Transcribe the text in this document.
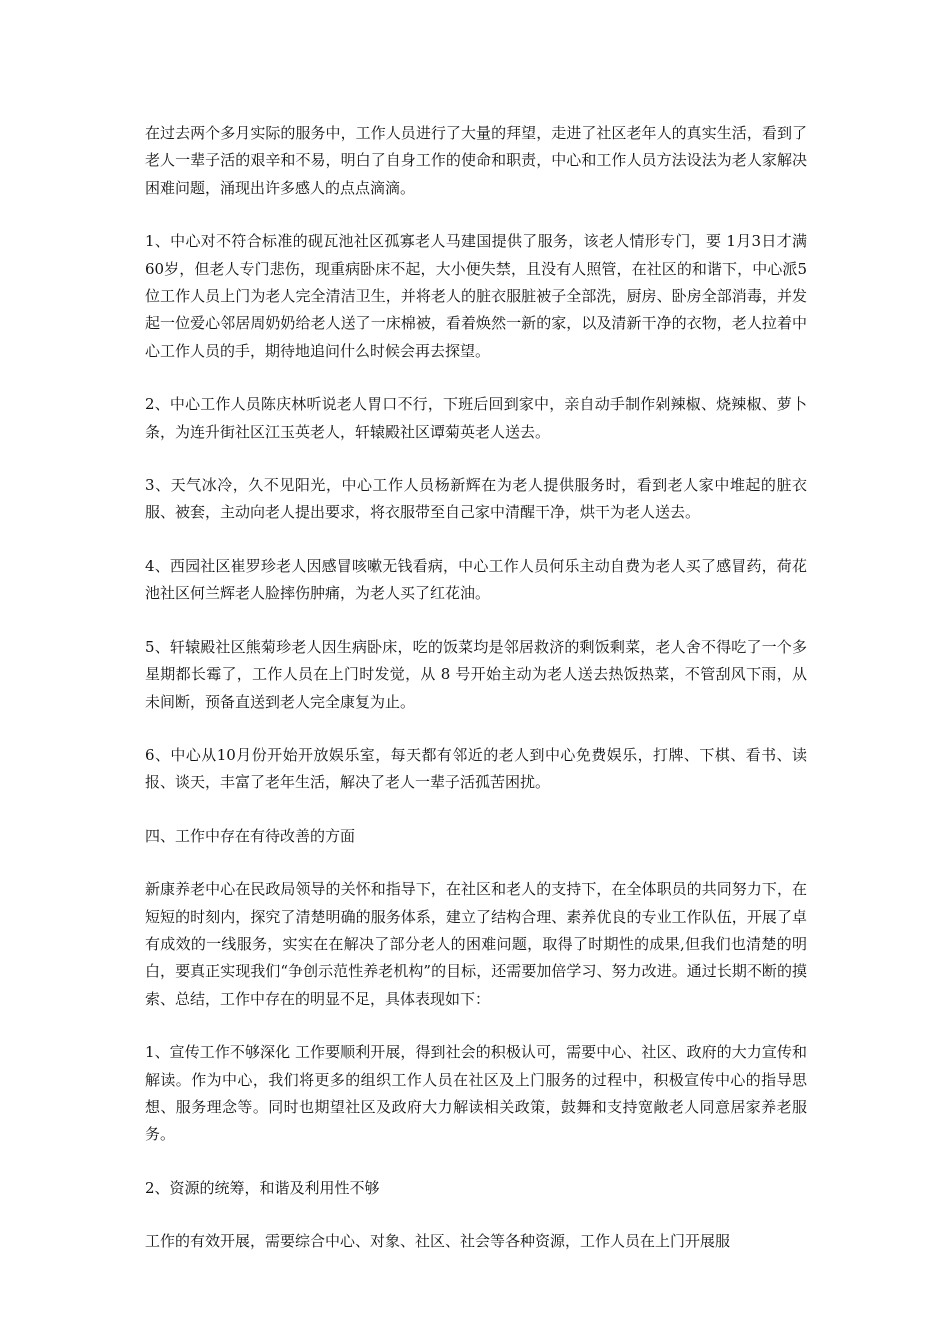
在过去两个多月实际的服务中，工作人员进行了大量的拜望，走进了社区老年人的真实生活，看到了老人一辈子活的艰辛和不易，明白了自身工作的使命和职责，中心和工作人员方法设法为老人家解决困难问题，涌现出许多感人的点点滴滴。

1、中心对不符合标准的砚瓦池社区孤寡老人马建国提供了服务，该老人情形专门，要 1月3日才满60岁，但老人专门悲伤，现重病卧床不起，大小便失禁，且没有人照管，在社区的和谐下，中心派5位工作人员上门为老人完全清洁卫生，并将老人的脏衣服脏被子全部洗，厨房、卧房全部消毒，并发起一位爱心邻居周奶奶给老人送了一床棉被，看着焕然一新的家，以及清新干净的衣物，老人拉着中心工作人员的手，期待地追问什么时候会再去探望。

2、中心工作人员陈庆林听说老人胃口不行，下班后回到家中，亲自动手制作剁辣椒、烧辣椒、萝卜条，为连升街社区江玉英老人，轩辕殿社区谭菊英老人送去。

3、天气冰冷，久不见阳光，中心工作人员杨新辉在为老人提供服务时，看到老人家中堆起的脏衣服、被套，主动向老人提出要求，将衣服带至自己家中清醒干净，烘干为老人送去。

4、西园社区崔罗珍老人因感冒咳嗽无钱看病，中心工作人员何乐主动自费为老人买了感冒药，荷花池社区何兰辉老人脸摔伤肿痛，为老人买了红花油。

5、轩辕殿社区熊菊珍老人因生病卧床，吃的饭菜均是邻居救济的剩饭剩菜，老人舍不得吃了一个多星期都长霉了，工作人员在上门时发觉，从 8 号开始主动为老人送去热饭热菜，不管刮风下雨，从未间断，预备直送到老人完全康复为止。

6、中心从10月份开始开放娱乐室，每天都有邻近的老人到中心免费娱乐，打牌、下棋、看书、读报、谈天，丰富了老年生活，解决了老人一辈子活孤苦困扰。

四、工作中存在有待改善的方面

新康养老中心在民政局领导的关怀和指导下，在社区和老人的支持下，在全体职员的共同努力下，在短短的时刻内，探究了清楚明确的服务体系，建立了结构合理、素养优良的专业工作队伍，开展了卓有成效的一线服务，实实在在解决了部分老人的困难问题，取得了时期性的成果,但我们也清楚的明白，要真正实现我们“争创示范性养老机构”的目标，还需要加倍学习、努力改进。通过长期不断的摸索、总结，工作中存在的明显不足，具体表现如下：

1、宣传工作不够深化 工作要顺利开展，得到社会的积极认可，需要中心、社区、政府的大力宣传和解读。作为中心，我们将更多的组织工作人员在社区及上门服务的过程中，积极宣传中心的指导思想、服务理念等。同时也期望社区及政府大力解读相关政策，鼓舞和支持宽敞老人同意居家养老服务。

2、资源的统筹，和谐及利用性不够

工作的有效开展，需要综合中心、对象、社区、社会等各种资源，工作人员在上门开展服
